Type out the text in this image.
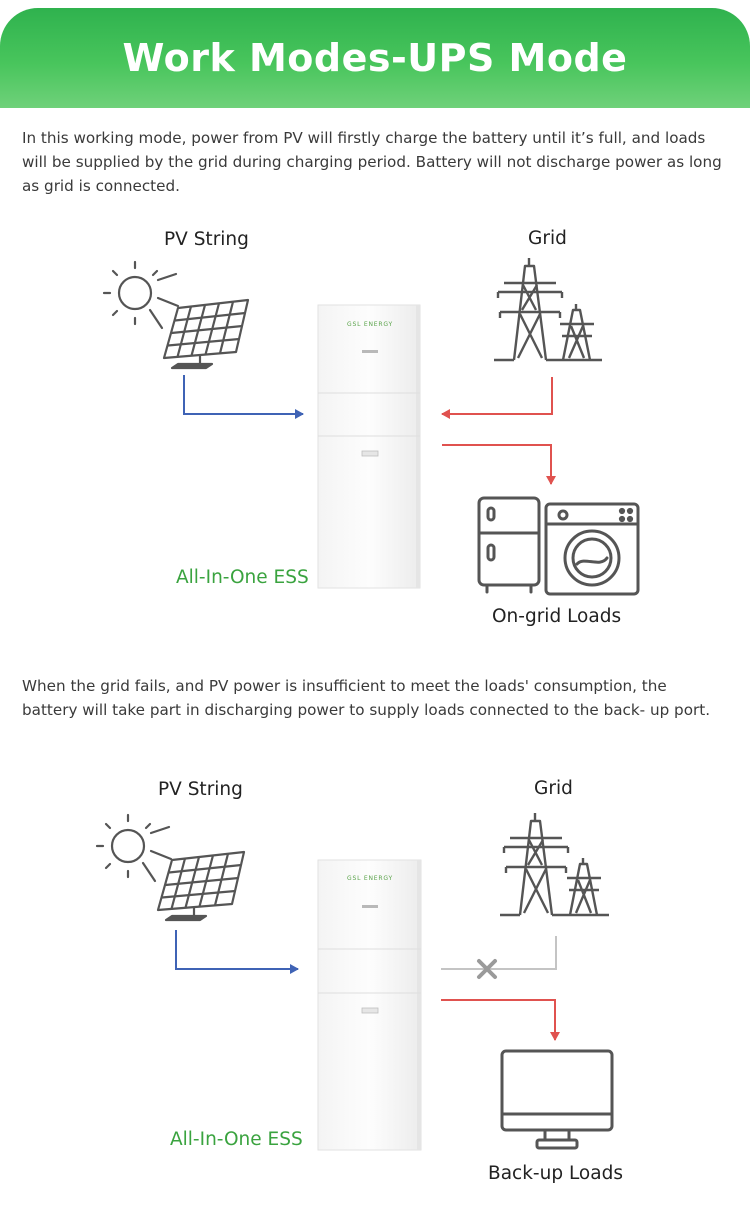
Work Modes-UPS Mode

In this working mode, power from PV will firstly charge the battery until it’s full, and loads will be supplied by the grid during charging period. Battery will not discharge power as long as grid is connected.

PV String	Grid
All-In-One ESS
On-grid Loads
GSL ENERGY

When the grid fails, and PV power is insufficient to meet the loads' consumption, the battery will take part in discharging power to supply loads connected to the back- up port.

PV String	Grid
All-In-One ESS
Back-up Loads
GSL ENERGY
